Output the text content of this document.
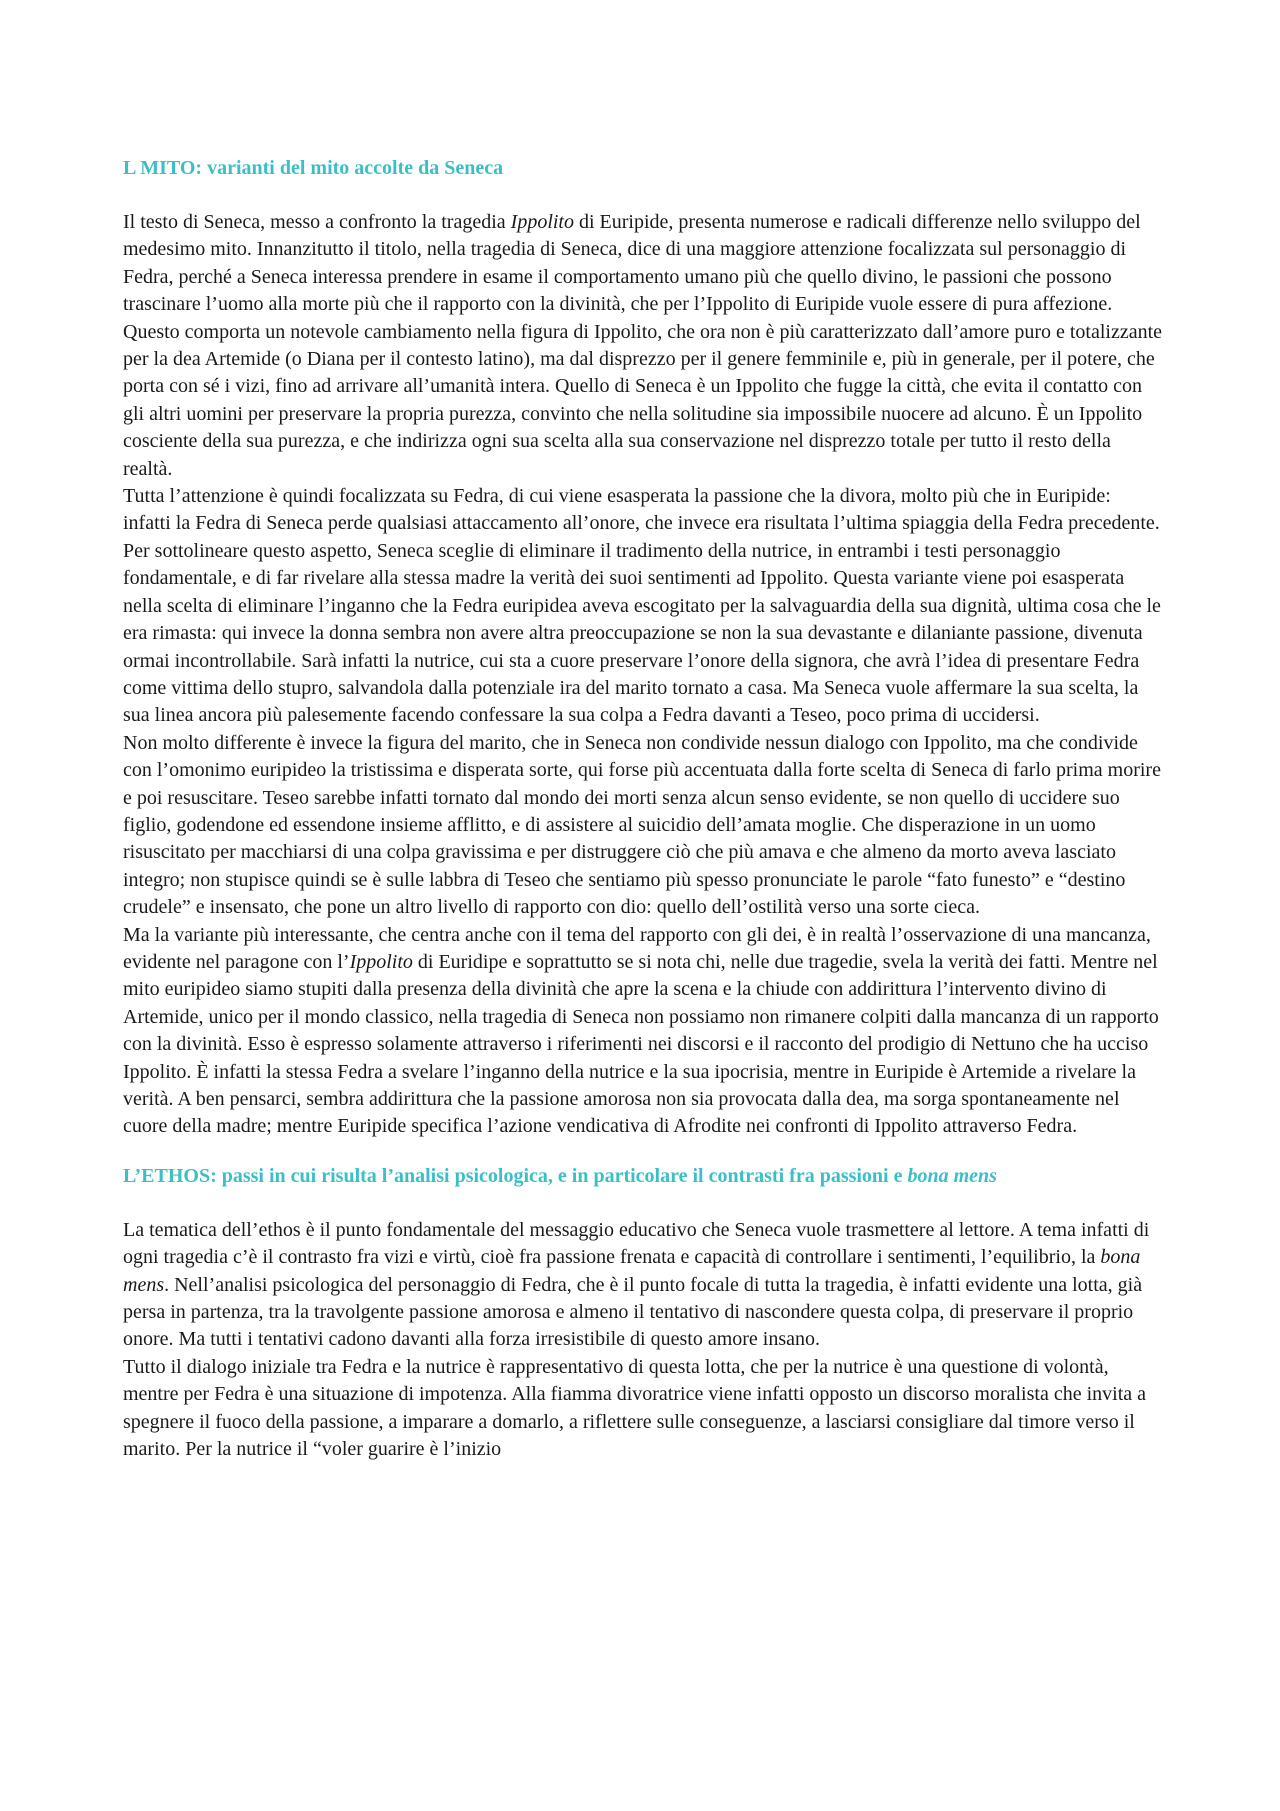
L MITO: varianti del mito accolte da Seneca

Il testo di Seneca, messo a confronto la tragedia Ippolito di Euripide, presenta numerose e radicali differenze nello sviluppo del medesimo mito. Innanzitutto il titolo, nella tragedia di Seneca, dice di una maggiore attenzione focalizzata sul personaggio di Fedra, perché a Seneca interessa prendere in esame il comportamento umano più che quello divino, le passioni che possono trascinare l’uomo alla morte più che il rapporto con la divinità, che per l’Ippolito di Euripide vuole essere di pura affezione. Questo comporta un notevole cambiamento nella figura di Ippolito, che ora non è più caratterizzato dall’amore puro e totalizzante per la dea Artemide (o Diana per il contesto latino), ma dal disprezzo per il genere femminile e, più in generale, per il potere, che porta con sé i vizi, fino ad arrivare all’umanità intera. Quello di Seneca è un Ippolito che fugge la città, che evita il contatto con gli altri uomini per preservare la propria purezza, convinto che nella solitudine sia impossibile nuocere ad alcuno. È un Ippolito cosciente della sua purezza, e che indirizza ogni sua scelta alla sua conservazione nel disprezzo totale per tutto il resto della realtà.

Tutta l’attenzione è quindi focalizzata su Fedra, di cui viene esasperata la passione che la divora, molto più che in Euripide: infatti la Fedra di Seneca perde qualsiasi attaccamento all’onore, che invece era risultata l’ultima spiaggia della Fedra precedente. Per sottolineare questo aspetto, Seneca sceglie di eliminare il tradimento della nutrice, in entrambi i testi personaggio fondamentale, e di far rivelare alla stessa madre la verità dei suoi sentimenti ad Ippolito. Questa variante viene poi esasperata nella scelta di eliminare l’inganno che la Fedra euripidea aveva escogitato per la salvaguardia della sua dignità, ultima cosa che le era rimasta: qui invece la donna sembra non avere altra preoccupazione se non la sua devastante e dilaniante passione, divenuta ormai incontrollabile. Sarà infatti la nutrice, cui sta a cuore preservare l’onore della signora, che avrà l’idea di presentare Fedra come vittima dello stupro, salvandola dalla potenziale ira del marito tornato a casa. Ma Seneca vuole affermare la sua scelta, la sua linea ancora più palesemente facendo confessare la sua colpa a Fedra davanti a Teseo, poco prima di uccidersi.

Non molto differente è invece la figura del marito, che in Seneca non condivide nessun dialogo con Ippolito, ma che condivide con l’omonimo euripideo la tristissima e disperata sorte, qui forse più accentuata dalla forte scelta di Seneca di farlo prima morire e poi resuscitare. Teseo sarebbe infatti tornato dal mondo dei morti senza alcun senso evidente, se non quello di uccidere suo figlio, godendone ed essendone insieme afflitto, e di assistere al suicidio dell’amata moglie. Che disperazione in un uomo risuscitato per macchiarsi di una colpa gravissima e per distruggere ciò che più amava e che almeno da morto aveva lasciato integro; non stupisce quindi se è sulle labbra di Teseo che sentiamo più spesso pronunciate le parole “fato funesto” e “destino crudele” e insensato, che pone un altro livello di rapporto con dio: quello dell’ostilità verso una sorte cieca.

Ma la variante più interessante, che centra anche con il tema del rapporto con gli dei, è in realtà l’osservazione di una mancanza, evidente nel paragone con l’Ippolito di Euridipe e soprattutto se si nota chi, nelle due tragedie, svela la verità dei fatti. Mentre nel mito euripideo siamo stupiti dalla presenza della divinità che apre la scena e la chiude con addirittura l’intervento divino di Artemide, unico per il mondo classico, nella tragedia di Seneca non possiamo non rimanere colpiti dalla mancanza di un rapporto con la divinità. Esso è espresso solamente attraverso i riferimenti nei discorsi e il racconto del prodigio di Nettuno che ha ucciso Ippolito. È infatti la stessa Fedra a svelare l’inganno della nutrice e la sua ipocrisia, mentre in Euripide è Artemide a rivelare la verità. A ben pensarci, sembra addirittura che la passione amorosa non sia provocata dalla dea, ma sorga spontaneamente nel cuore della madre; mentre Euripide specifica l’azione vendicativa di Afrodite nei confronti di Ippolito attraverso Fedra.

L’ETHOS: passi in cui risulta l’analisi psicologica, e in particolare il contrasti fra passioni e bona mens

La tematica dell’ethos è il punto fondamentale del messaggio educativo che Seneca vuole trasmettere al lettore. A tema infatti di ogni tragedia c’è il contrasto fra vizi e virtù, cioè fra passione frenata e capacità di controllare i sentimenti, l’equilibrio, la bona mens. Nell’analisi psicologica del personaggio di Fedra, che è il punto focale di tutta la tragedia, è infatti evidente una lotta, già persa in partenza, tra la travolgente passione amorosa e almeno il tentativo di nascondere questa colpa, di preservare il proprio onore. Ma tutti i tentativi cadono davanti alla forza irresistibile di questo amore insano.

Tutto il dialogo iniziale tra Fedra e la nutrice è rappresentativo di questa lotta, che per la nutrice è una questione di volontà, mentre per Fedra è una situazione di impotenza. Alla fiamma divoratrice viene infatti opposto un discorso moralista che invita a spegnere il fuoco della passione, a imparare a domarlo, a riflettere sulle conseguenze, a lasciarsi consigliare dal timore verso il marito. Per la nutrice il “voler guarire è l’inizio
